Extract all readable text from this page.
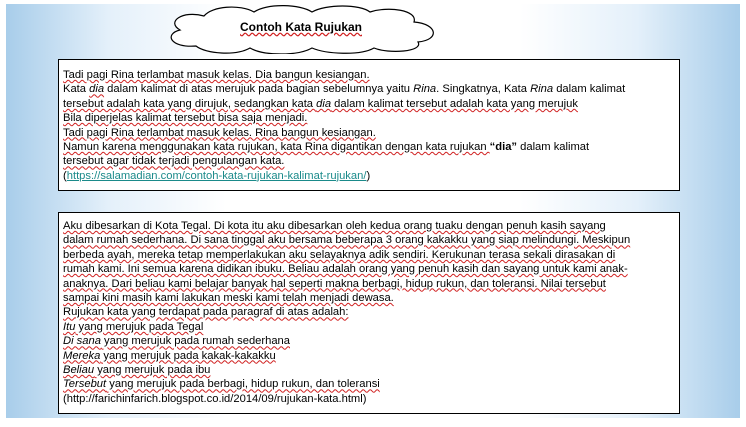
Contoh Kata Rujukan
Tadi pagi Rina terlambat masuk kelas. Dia bangun kesiangan.
Kata dia dalam kalimat di atas merujuk pada bagian sebelumnya yaitu Rina. Singkatnya, Kata Rina dalam kalimat
tersebut adalah kata yang dirujuk, sedangkan kata dia dalam kalimat tersebut adalah kata yang merujuk
Bila diperjelas kalimat tersebut bisa saja menjadi.
Tadi pagi Rina terlambat masuk kelas. Rina bangun kesiangan.
Namun karena menggunakan kata rujukan, kata Rina digantikan dengan kata rujukan “dia” dalam kalimat
tersebut agar tidak terjadi pengulangan kata.
(https://salamadian.com/contoh-kata-rujukan-kalimat-rujukan/)
Aku dibesarkan di Kota Tegal. Di kota itu aku dibesarkan oleh kedua orang tuaku dengan penuh kasih sayang
dalam rumah sederhana. Di sana tinggal aku bersama beberapa 3 orang kakakku yang siap melindungi. Meskipun
berbeda ayah, mereka tetap memperlakukan aku selayaknya adik sendiri. Kerukunan terasa sekali dirasakan di
rumah kami. Ini semua karena didikan ibuku. Beliau adalah orang yang penuh kasih dan sayang untuk kami anak-
anaknya. Dari beliau kami belajar banyak hal seperti makna berbagi, hidup rukun, dan toleransi. Nilai tersebut
sampai kini masih kami lakukan meski kami telah menjadi dewasa.
Rujukan kata yang terdapat pada paragraf di atas adalah:
Itu yang merujuk pada Tegal
Di sana yang merujuk pada rumah sederhana
Mereka yang merujuk pada kakak-kakakku
Beliau yang merujuk pada ibu
Tersebut yang merujuk pada berbagi, hidup rukun, dan toleransi
(http://farichinfarich.blogspot.co.id/2014/09/rujukan-kata.html)
